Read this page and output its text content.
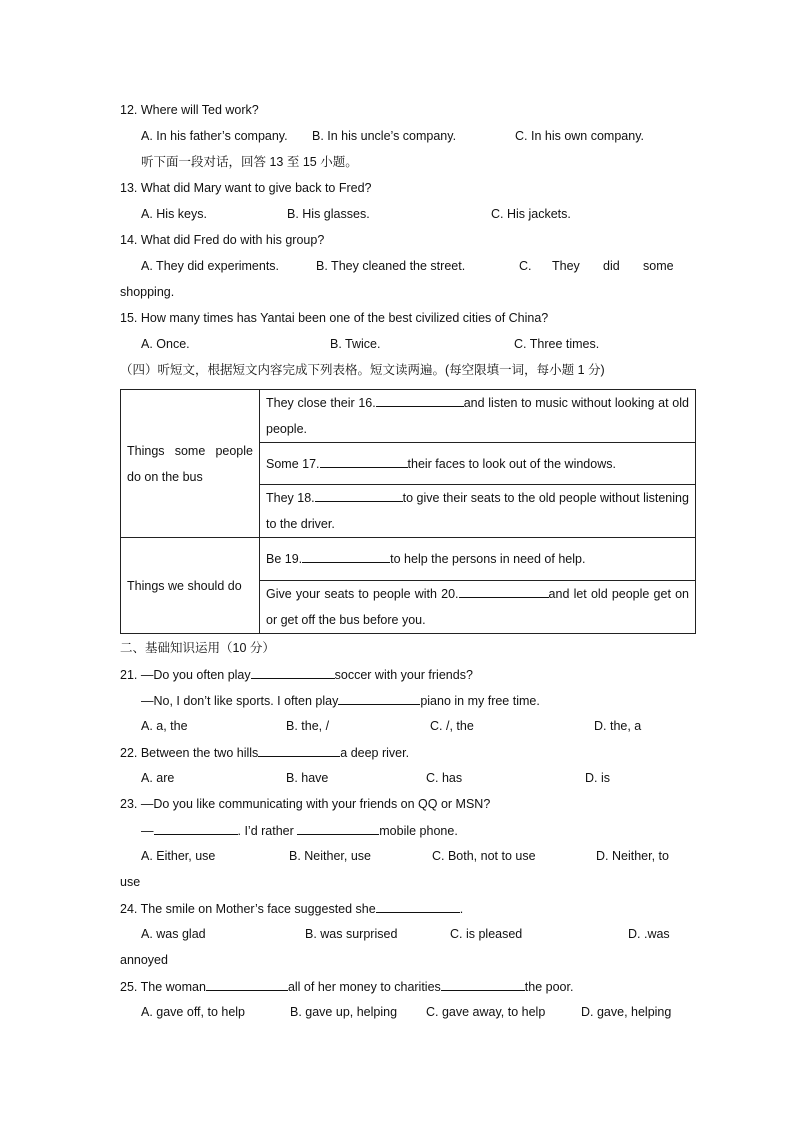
12. Where will Ted work?
A. In his father’s company. B. In his uncle’s company.	C. In his own company.
听下面一段对话，回答 13 至 15 小题。
13. What did Mary want to give back to Fred?
A. His keys.	B. His glasses.	C. His jackets.
14. What did Fred do with his group?
A. They did experiments.	B. They cleaned the street.	C. They did some
shopping.
15. How many times has Yantai been one of the best civilized cities of China?
A. Once.	B. Twice.	C. Three times.
（四）听短文，根据短文内容完成下列表格。短文读两遍。(每空限填一词，每小题 1 分)
Things some people do on the bus	They close their 16. and listen to music without looking at old people.
	Some 17. their faces to look out of the windows.
	They 18. to give their seats to the old people without listening to the driver.
Things we should do	Be 19. to help the persons in need of help.
	Give your seats to people with 20. and let old people get on or get off the bus before you.
二、基础知识运用（10 分）
21. —Do you often play	soccer with your friends?
—No, I don’t like sports. I often play	piano in my free time.
A. a, the	B. the, /	C. /, the	D. the, a
22. Between the two hills	a deep river.
A. are	B. have	C. has	D. is
23. —Do you like communicating with your friends on QQ or MSN?
—	. I’d rather	mobile phone.
A. Either, use	B. Neither, use	C. Both, not to use	D. Neither, to
use
24. The smile on Mother’s face suggested she	.
A. was glad	B. was surprised	C. is pleased	D. .was
annoyed
25. The woman	all of her money to charities	the poor.
A. gave off, to help	B. gave up, helping C. gave away, to help	D. gave, helping
